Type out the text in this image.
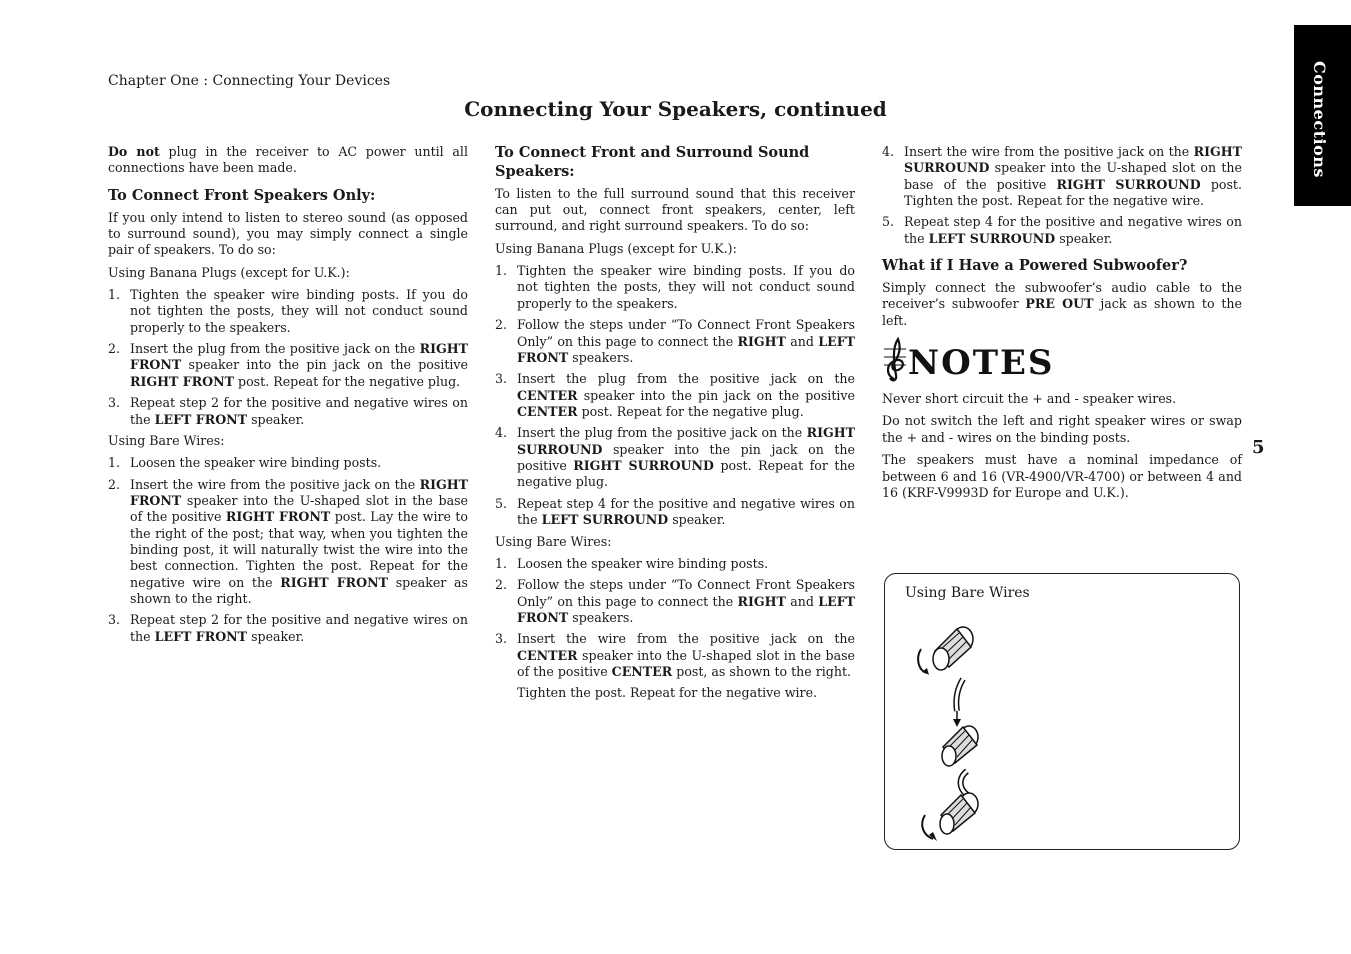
Chapter One : Connecting Your Devices
Connecting Your Speakers, continued	Connections
5

Do not plug in the receiver to AC power until all connections have been made.

To Connect Front Speakers Only:

If you only intend to listen to stereo sound (as opposed to surround sound), you may simply connect a single pair of speakers. To do so:

Using Banana Plugs (except for U.K.):

1. Tighten the speaker wire binding posts. If you do not tighten the posts, they will not conduct sound properly to the speakers.
2. Insert the plug from the positive jack on the RIGHT FRONT speaker into the pin jack on the positive RIGHT FRONT post. Repeat for the negative plug.
3. Repeat step 2 for the positive and negative wires on the LEFT FRONT speaker.

Using Bare Wires:

1. Loosen the speaker wire binding posts.
2. Insert the wire from the positive jack on the RIGHT FRONT speaker into the U-shaped slot in the base of the positive RIGHT FRONT post. Lay the wire to the right of the post; that way, when you tighten the binding post, it will naturally twist the wire into the best connection. Tighten the post. Repeat for the negative wire on the RIGHT FRONT speaker as shown to the right.
3. Repeat step 2 for the positive and negative wires on the LEFT FRONT speaker.
To Connect Front and Surround Sound Speakers:

To listen to the full surround sound that this receiver can put out, connect front speakers, center, left surround, and right surround speakers. To do so:

Using Banana Plugs (except for U.K.):

1. Tighten the speaker wire binding posts. If you do not tighten the posts, they will not conduct sound properly to the speakers.
2. Follow the steps under “To Connect Front Speakers Only” on this page to connect the RIGHT and LEFT FRONT speakers.
3. Insert the plug from the positive jack on the CENTER speaker into the pin jack on the positive CENTER post. Repeat for the negative plug.
4. Insert the plug from the positive jack on the RIGHT SURROUND speaker into the pin jack on the positive RIGHT SURROUND post. Repeat for the negative plug.
5. Repeat step 4 for the positive and negative wires on the LEFT SURROUND speaker.

Using Bare Wires:

1. Loosen the speaker wire binding posts.
2. Follow the steps under “To Connect Front Speakers Only” on this page to connect the RIGHT and LEFT FRONT speakers.
3. Insert the wire from the positive jack on the CENTER speaker into the U-shaped slot in the base of the positive CENTER post, as shown to the right.

Tighten the post. Repeat for the negative wire.

4. Insert the wire from the positive jack on the RIGHT SURROUND speaker into the U-shaped slot on the base of the positive RIGHT SURROUND post. Tighten the post. Repeat for the negative wire.
5. Repeat step 4 for the positive and negative wires on the LEFT SURROUND speaker.
What if I Have a Powered Subwoofer?

Simply connect the subwoofer’s audio cable to the receiver’s subwoofer PRE OUT jack as shown to the left.

NOTES

Never short circuit the + and - speaker wires.

Do not switch the left and right speaker wires or swap the + and - wires on the binding posts.

The speakers must have a nominal impedance of between 6 and 16 (VR-4900/VR-4700) or between 4 and 16 (KRF-V9993D for Europe and U.K.).

Using Bare Wires
